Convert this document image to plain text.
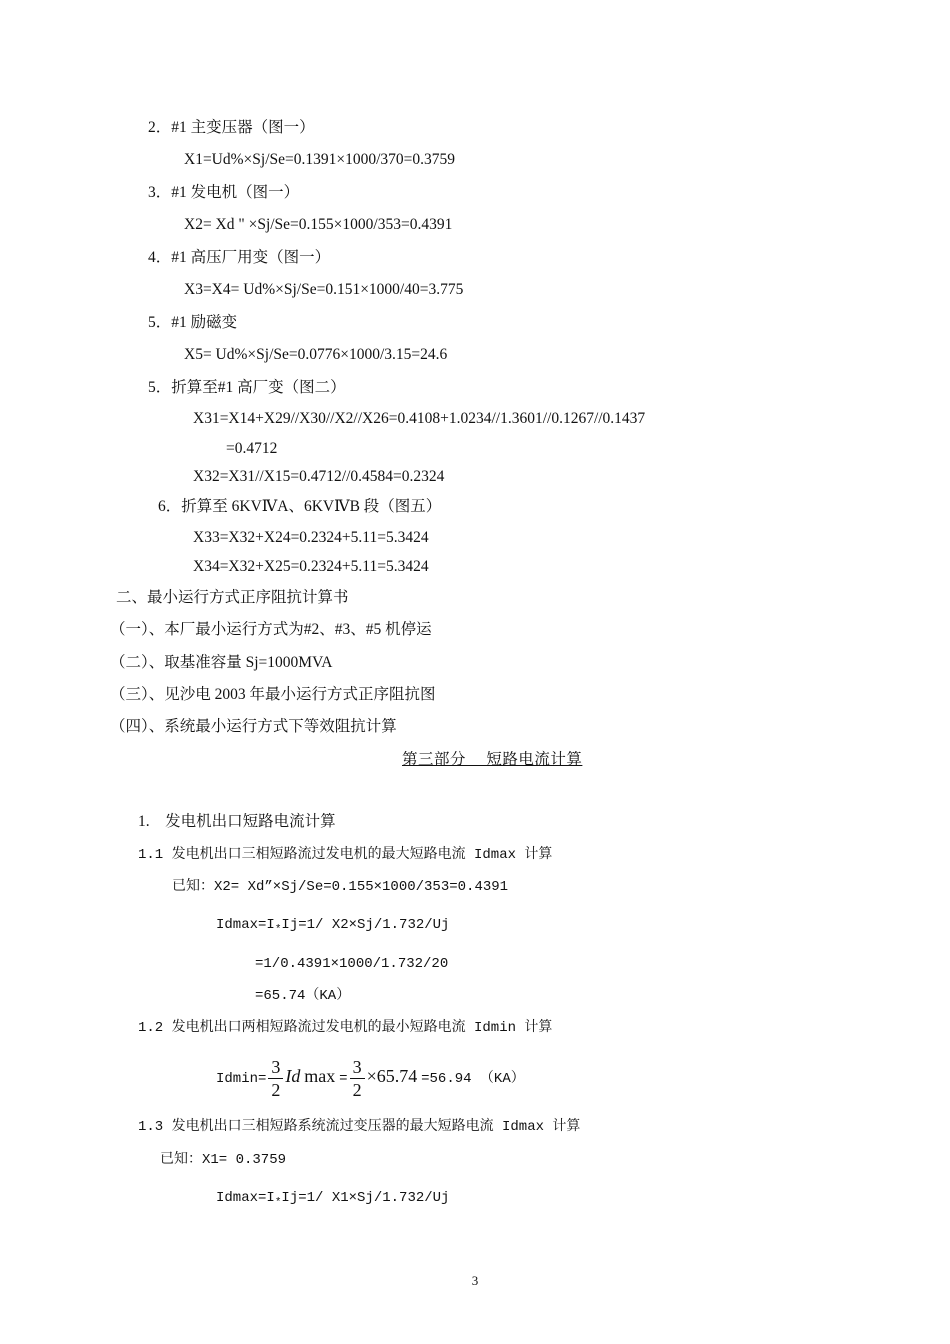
2．#1 主变压器（图一）
X1=Ud%×Sj/Se=0.1391×1000/370=0.3759
3．#1 发电机（图一）
X2= Xd " ×Sj/Se=0.155×1000/353=0.4391
4．#1 高压厂用变（图一）
X3=X4= Ud%×Sj/Se=0.151×1000/40=3.775
5．#1 励磁变
X5= Ud%×Sj/Se=0.0776×1000/3.15=24.6
5．折算至#1 高厂变（图二）
X31=X14+X29//X30//X2//X26=0.4108+1.0234//1.3601//0.1267//0.1437
=0.4712
X32=X31//X15=0.4712//0.4584=0.2324
6．折算至 6KVⅣA、6KVⅣB 段（图五）
X33=X32+X24=0.2324+5.11=5.3424
X34=X32+X25=0.2324+5.11=5.3424
二、最小运行方式正序阻抗计算书
（一）、本厂最小运行方式为#2、#3、#5 机停运
（二）、取基准容量 Sj=1000MVA
（三）、见沙电 2003 年最小运行方式正序阻抗图
（四）、系统最小运行方式下等效阻抗计算
第三部分　 短路电流计算
1.　发电机出口短路电流计算
1.1 发电机出口三相短路流过发电机的最大短路电流 Idmax 计算
已知：X2= Xd”×Sj/Se=0.155×1000/353=0.4391
$Idmax=I_*Ij=1/$ X2×Sj/1.732/Uj
=1/0.4391×1000/1.732/20
=65.74（KA）
1.2 发电机出口两相短路流过发电机的最小短路电流 Idmin 计算
$Idmin= \frac{3}{2}$ Id $\max = \frac{3}{2} \times 65.74 =56.94$ （KA）
1.3 发电机出口三相短路系统流过变压器的最大短路电流 Idmax 计算
已知：X1= 0.3759
$Idmax=I_*Ij=1/$ X1×Sj/1.732/Uj
3
